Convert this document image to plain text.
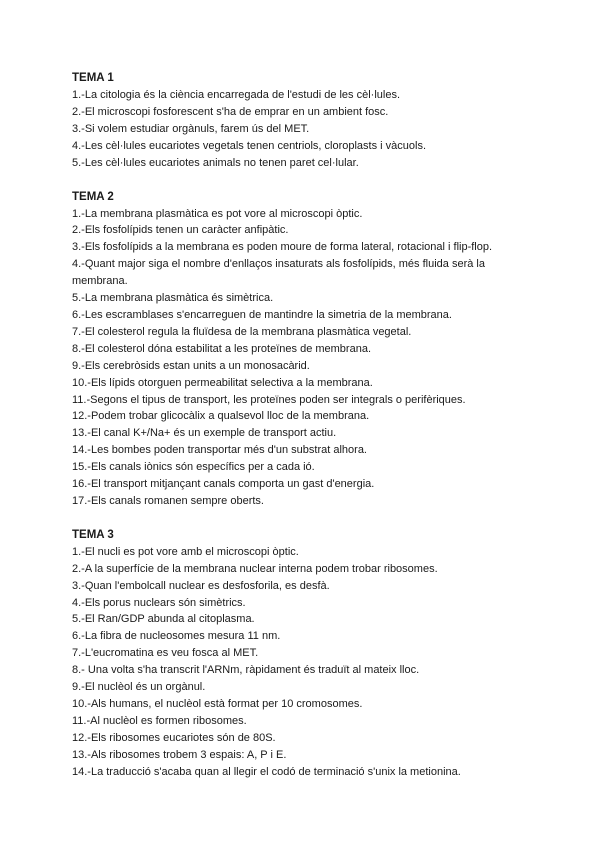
TEMA 1

1.-La citologia és la ciència encarregada de l'estudi de les cèl·lules.

2.-El microscopi fosforescent s'ha de emprar en un ambient fosc.

3.-Si volem estudiar orgànuls, farem ús del MET.

4.-Les cèl·lules eucariotes vegetals tenen centriols, cloroplasts i vàcuols.

5.-Les cèl·lules eucariotes animals no tenen paret cel·lular.

TEMA 2

1.-La membrana plasmàtica es pot vore al microscopi òptic.

2.-Els fosfolípids tenen un caràcter anfipàtic.

3.-Els fosfolípids a la membrana es poden moure de forma lateral, rotacional i flip-flop.

4.-Quant major siga el nombre d'enllaços insaturats als fosfolípids, més fluida serà la membrana.

5.-La membrana plasmàtica és simètrica.

6.-Les escramblases s'encarreguen de mantindre la simetria de la membrana.

7.-El colesterol regula la fluïdesa de la membrana plasmàtica vegetal.

8.-El colesterol dóna estabilitat a les proteïnes de membrana.

9.-Els cerebròsids estan units a un monosacàrid.

10.-Els lípids otorguen permeabilitat selectiva a la membrana.

11.-Segons el tipus de transport, les proteïnes poden ser integrals o perifèriques.

12.-Podem trobar glicocàlix a qualsevol lloc de la membrana.

13.-El canal K+/Na+ és un exemple de transport actiu.

14.-Les bombes poden transportar més d'un substrat alhora.

15.-Els canals iònics són específics per a cada ió.

16.-El transport mitjançant canals comporta un gast d'energia.

17.-Els canals romanen sempre oberts.

TEMA 3

1.-El nucli es pot vore amb el microscopi òptic.

2.-A la superfície de la membrana nuclear interna podem trobar ribosomes.

3.-Quan l'embolcall nuclear es desfosforila, es desfà.

4.-Els porus nuclears són simètrics.

5.-El Ran/GDP abunda al citoplasma.

6.-La fibra de nucleosomes mesura 11 nm.

7.-L'eucromatina es veu fosca al MET.

8.- Una volta s'ha transcrit l'ARNm, ràpidament és traduït al mateix lloc.

9.-El nuclèol és un orgànul.

10.-Als humans, el nuclèol està format per 10 cromosomes.

11.-Al nuclèol es formen ribosomes.

12.-Els ribosomes eucariotes són de 80S.

13.-Als ribosomes trobem 3 espais: A, P i E.

14.-La traducció s'acaba quan al llegir el codó de terminació s'unix la metionina.
